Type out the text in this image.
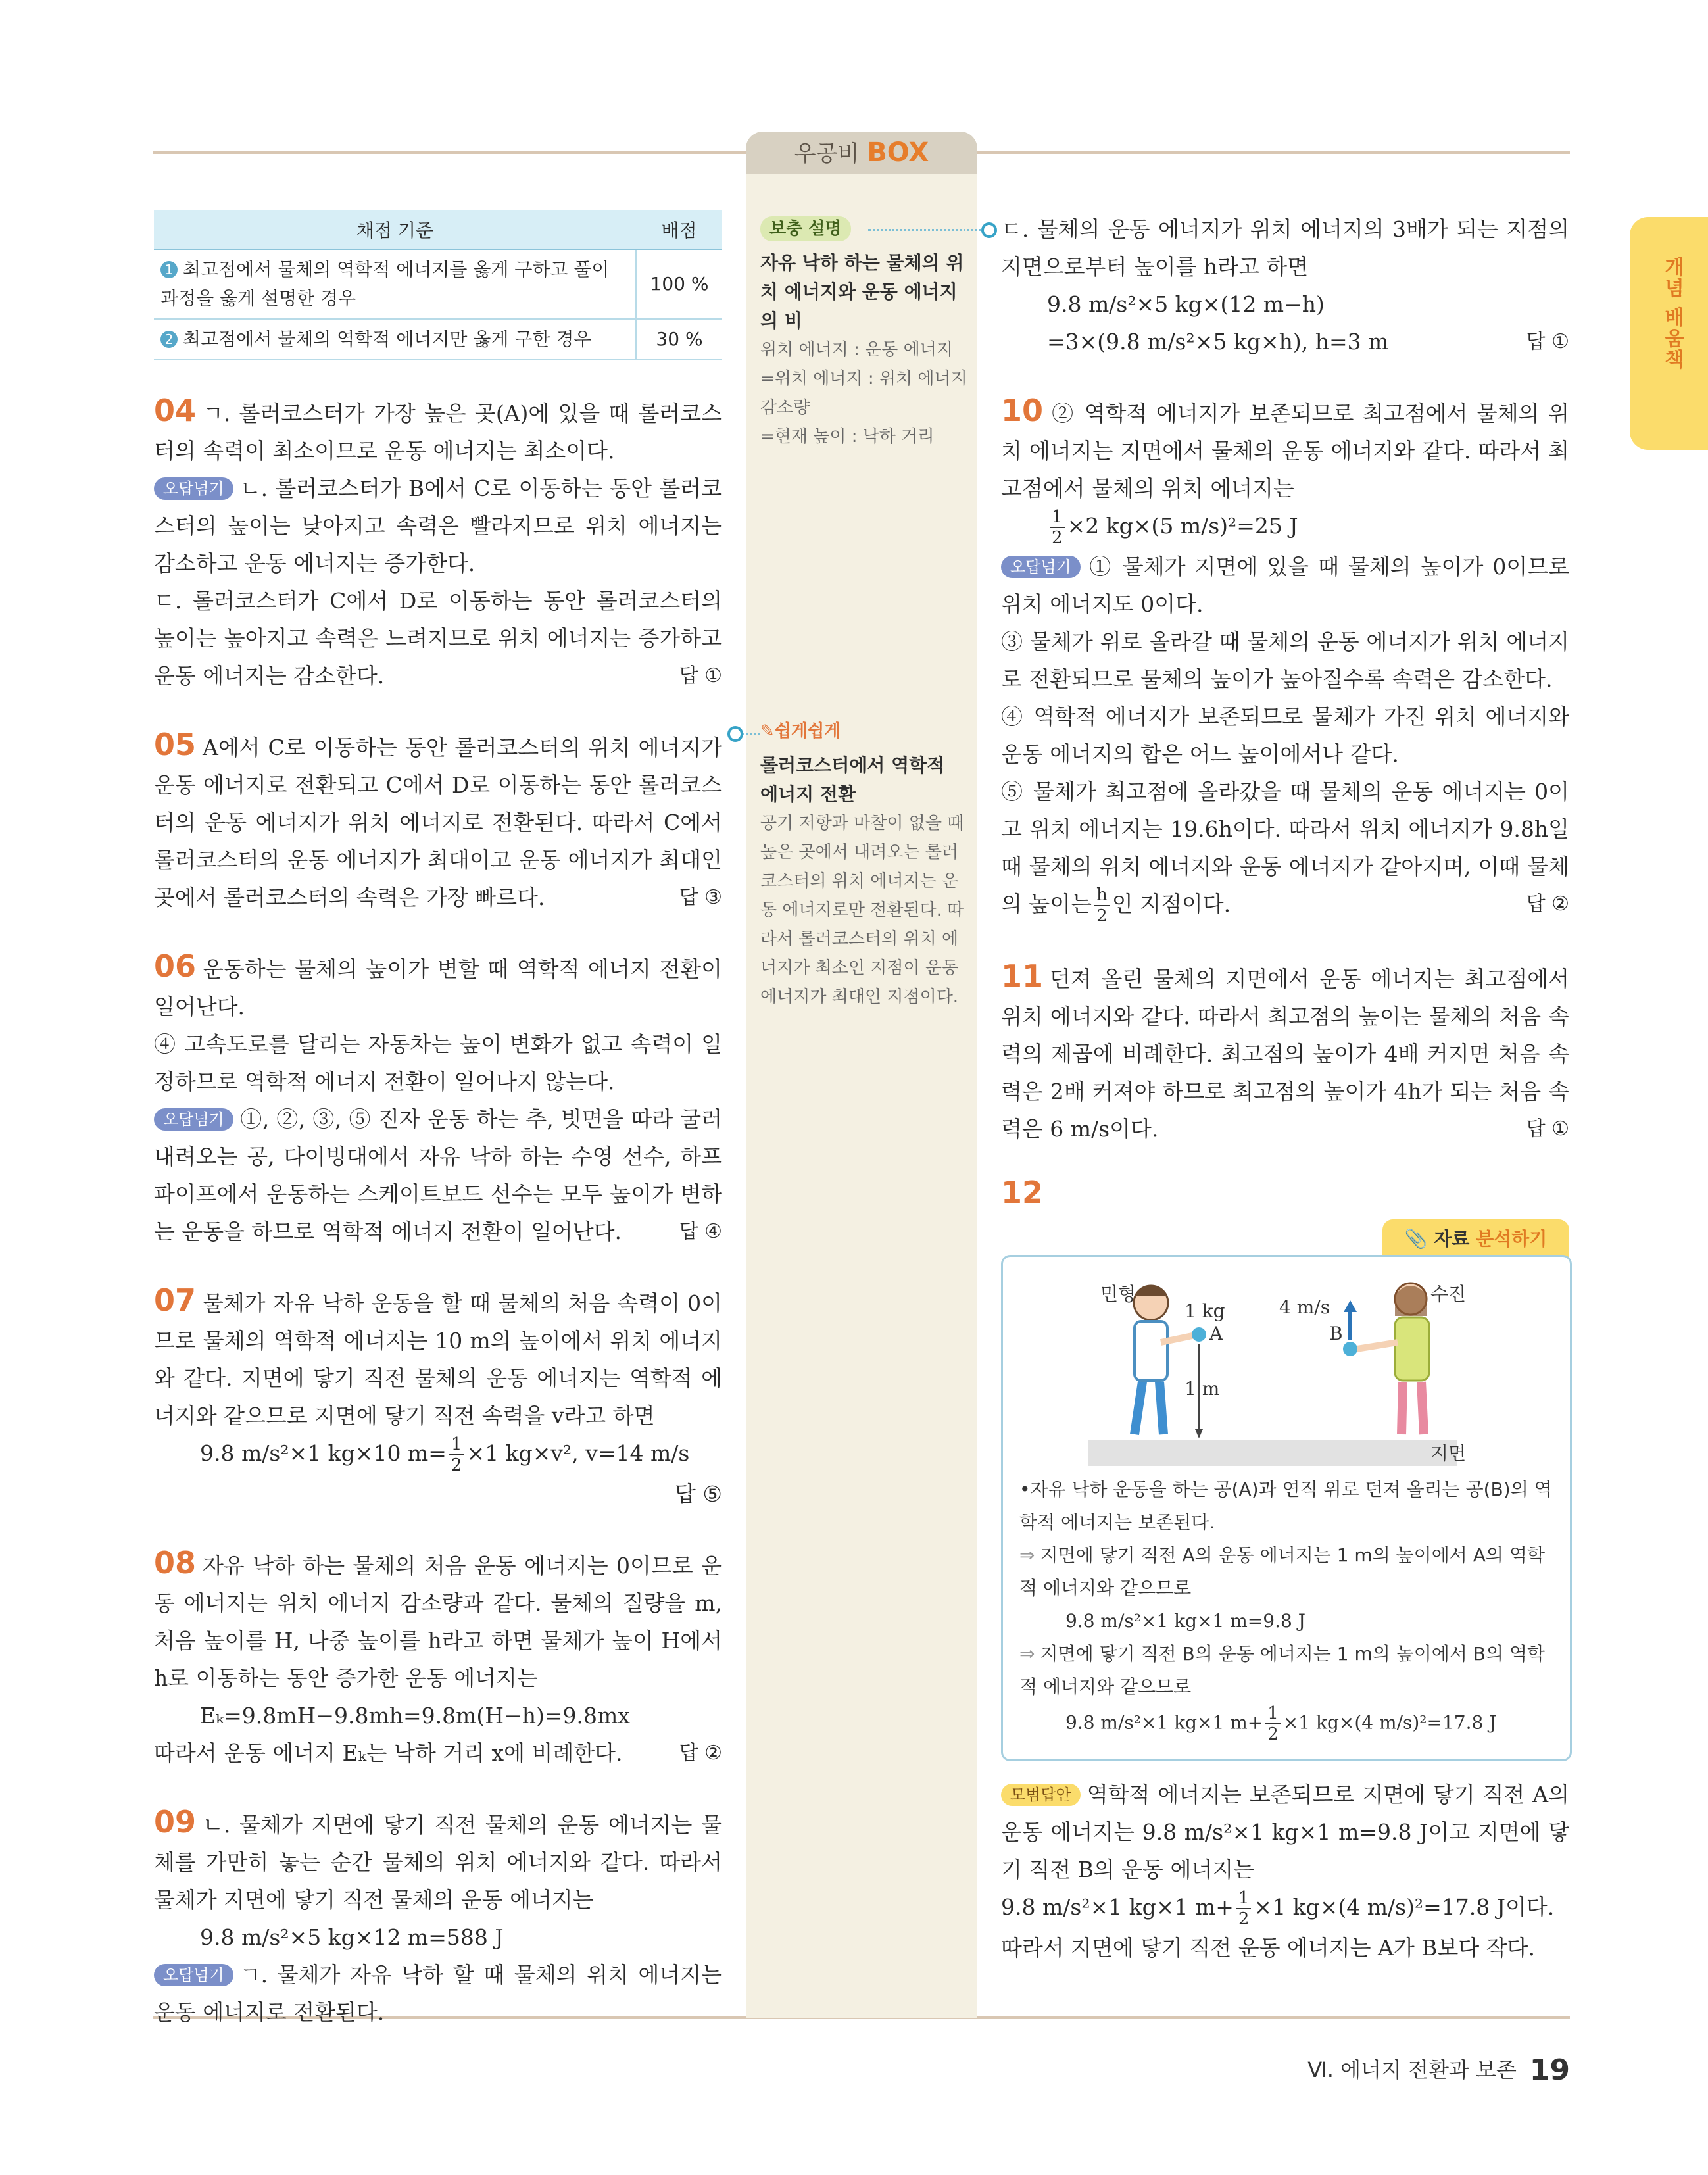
우공비 BOX
개념 배움책
채점 기준	배점
1 최고점에서 물체의 역학적 에너지를 옳게 구하고 풀이 과정을 옳게 설명한 경우	100 %
2 최고점에서 물체의 역학적 에너지만 옳게 구한 경우	30 %

04 ㄱ. 롤러코스터가 가장 높은 곳(A)에 있을 때 롤러코스터의 속력이 최소이므로 운동 에너지는 최소이다.

오답넘기 ㄴ. 롤러코스터가 B에서 C로 이동하는 동안 롤러코스터의 높이는 낮아지고 속력은 빨라지므로 위치 에너지는 감소하고 운동 에너지는 증가한다.

ㄷ. 롤러코스터가 C에서 D로 이동하는 동안 롤러코스터의 높이는 높아지고 속력은 느려지므로 위치 에너지는 증가하고 운동 에너지는 감소한다.	답 ①

05 A에서 C로 이동하는 동안 롤러코스터의 위치 에너지가 운동 에너지로 전환되고 C에서 D로 이동하는 동안 롤러코스터의 운동 에너지가 위치 에너지로 전환된다. 따라서 C에서 롤러코스터의 운동 에너지가 최대이고 운동 에너지가 최대인 곳에서 롤러코스터의 속력은 가장 빠르다.	답 ③

06 운동하는 물체의 높이가 변할 때 역학적 에너지 전환이 일어난다.

④ 고속도로를 달리는 자동차는 높이 변화가 없고 속력이 일정하므로 역학적 에너지 전환이 일어나지 않는다.

오답넘기 ①, ②, ③, ⑤ 진자 운동 하는 추, 빗면을 따라 굴러 내려오는 공, 다이빙대에서 자유 낙하 하는 수영 선수, 하프파이프에서 운동하는 스케이트보드 선수는 모두 높이가 변하는 운동을 하므로 역학적 에너지 전환이 일어난다.	답 ④

07 물체가 자유 낙하 운동을 할 때 물체의 처음 속력이 0이므로 물체의 역학적 에너지는 10 m의 높이에서 위치 에너지와 같다. 지면에 닿기 직전 물체의 운동 에너지는 역학적 에너지와 같으므로 지면에 닿기 직전 속력을 v라고 하면

9.8 m/s²×1 kg×10 $m= \frac{1}{2} \times 1$ kg×v², v=14 m/s

답 ⑤

08 자유 낙하 하는 물체의 처음 운동 에너지는 0이므로 운동 에너지는 위치 에너지 감소량과 같다. 물체의 질량을 m, 처음 높이를 H, 나중 높이를 h라고 하면 물체가 높이 H에서 h로 이동하는 동안 증가한 운동 에너지는

Eₖ=9.8mH−9.8mh=9.8m(H−h)=9.8mx

따라서 운동 에너지 Eₖ는 낙하 거리 x에 비례한다.	답 ②

09 ㄴ. 물체가 지면에 닿기 직전 물체의 운동 에너지는 물체를 가만히 놓는 순간 물체의 위치 에너지와 같다. 따라서 물체가 지면에 닿기 직전 물체의 운동 에너지는

9.8 m/s²×5 kg×12 m=588 J

오답넘기 ㄱ. 물체가 자유 낙하 할 때 물체의 위치 에너지는 운동 에너지로 전환된다.

보충 설명
자유 낙하 하는 물체의 위치 에너지와 운동 에너지의 비
위치 에너지 : 운동 에너지
=위치 에너지 : 위치 에너지 감소량
=현재 높이 : 낙하 거리
✎쉽게쉽게
롤러코스터에서 역학적 에너지 전환
공기 저항과 마찰이 없을 때 높은 곳에서 내려오는 롤러코스터의 위치 에너지는 운동 에너지로만 전환된다. 따라서 롤러코스터의 위치 에너지가 최소인 지점이 운동 에너지가 최대인 지점이다.

ㄷ. 물체의 운동 에너지가 위치 에너지의 3배가 되는 지점의 지면으로부터 높이를 h라고 하면

9.8 m/s²×5 kg×(12 m−h)

=3×(9.8 m/s²×5 kg×h), h=3 m	답 ①

10 ② 역학적 에너지가 보존되므로 최고점에서 물체의 위치 에너지는 지면에서 물체의 운동 에너지와 같다. 따라서 최고점에서 물체의 위치 에너지는

$\frac{1}{2} \times 2$ kg×(5 m/s)²=25 J

오답넘기 ① 물체가 지면에 있을 때 물체의 높이가 0이므로 위치 에너지도 0이다.

③ 물체가 위로 올라갈 때 물체의 운동 에너지가 위치 에너지로 전환되므로 물체의 높이가 높아질수록 속력은 감소한다.

④ 역학적 에너지가 보존되므로 물체가 가진 위치 에너지와 운동 에너지의 합은 어느 높이에서나 같다.

⑤ 물체가 최고점에 올라갔을 때 물체의 운동 에너지는 0이고 위치 에너지는 19.6h이다. 따라서 위치 에너지가 9.8h일 때 물체의 위치 에너지와 운동 에너지가 같아지며, 이때 물체의 높이는 $\frac{h}{2}$ 인 지점이다.	답 ②

11 던져 올린 물체의 지면에서 운동 에너지는 최고점에서 위치 에너지와 같다. 따라서 최고점의 높이는 물체의 처음 속력의 제곱에 비례한다. 최고점의 높이가 4배 커지면 처음 속력은 2배 커져야 하므로 최고점의 높이가 4h가 되는 처음 속력은 6 m/s이다.	답 ①

12

📎 자료 분석하기
민형	수진
1 kg
A	B
4 m/s
1 m
지면
•자유 낙하 운동을 하는 공(A)과 연직 위로 던져 올리는 공(B)의 역학적 에너지는 보존된다.
⇒ 지면에 닿기 직전 A의 운동 에너지는 1 m의 높이에서 A의 역학적 에너지와 같으므로
9.8 m/s²×1 kg×1 m=9.8 J
⇒ 지면에 닿기 직전 B의 운동 에너지는 1 m의 높이에서 B의 역학적 에너지와 같으므로
9.8 m/s²×1 kg×1 $m+ \frac{1}{2} \times 1$ kg×(4 m/s)²=17.8 J

모범답안 역학적 에너지는 보존되므로 지면에 닿기 직전 A의 운동 에너지는 9.8 m/s²×1 kg×1 m=9.8 J이고 지면에 닿기 직전 B의 운동 에너지는

9.8 m/s²×1 kg×1 $m+ \frac{1}{2} \times 1$ kg×(4 m/s)²=17.8 J이다.

따라서 지면에 닿기 직전 운동 에너지는 A가 B보다 작다.

Ⅵ. 에너지 전환과 보존 19
